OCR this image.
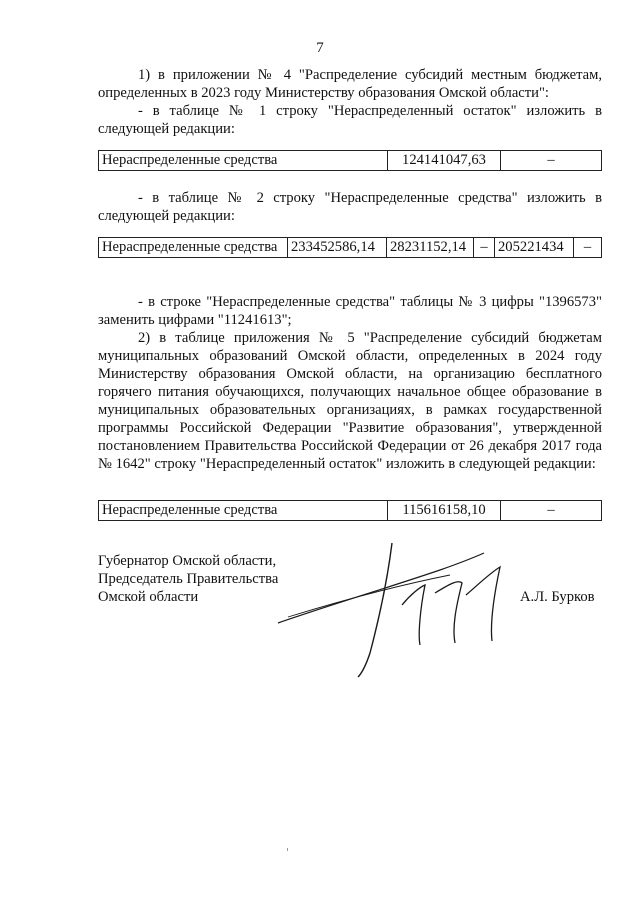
7
1) в приложении № 4 "Распределение субсидий местным бюджетам, определенных в 2023 году Министерству образования Омской области":
- в таблице № 1 строку "Нераспределенный остаток" изложить в следующей редакции:
Нераспределенные средства	124141047,63	–
- в таблице № 2 строку "Нераспределенные средства" изложить в следующей редакции:
Нераспределенные средства	233452586,14	28231152,14	–	205221434	–
- в строке "Нераспределенные средства" таблицы № 3 цифры "1396573" заменить цифрами "11241613";
2) в таблице приложения № 5 "Распределение субсидий бюджетам муниципальных образований Омской области, определенных в 2024 году Министерству образования Омской области, на организацию бесплатного горячего питания обучающихся, получающих начальное общее образование в муниципальных образовательных организациях, в рамках государственной программы Российской Федерации "Развитие образования", утвержденной постановлением Правительства Российской Федерации от 26 декабря 2017 года № 1642" строку "Нераспределенный остаток" изложить в следующей редакции:
Нераспределенные средства	115616158,10	–
Губернатор Омской области,
Председатель Правительства
Омской области	А.Л. Бурков
